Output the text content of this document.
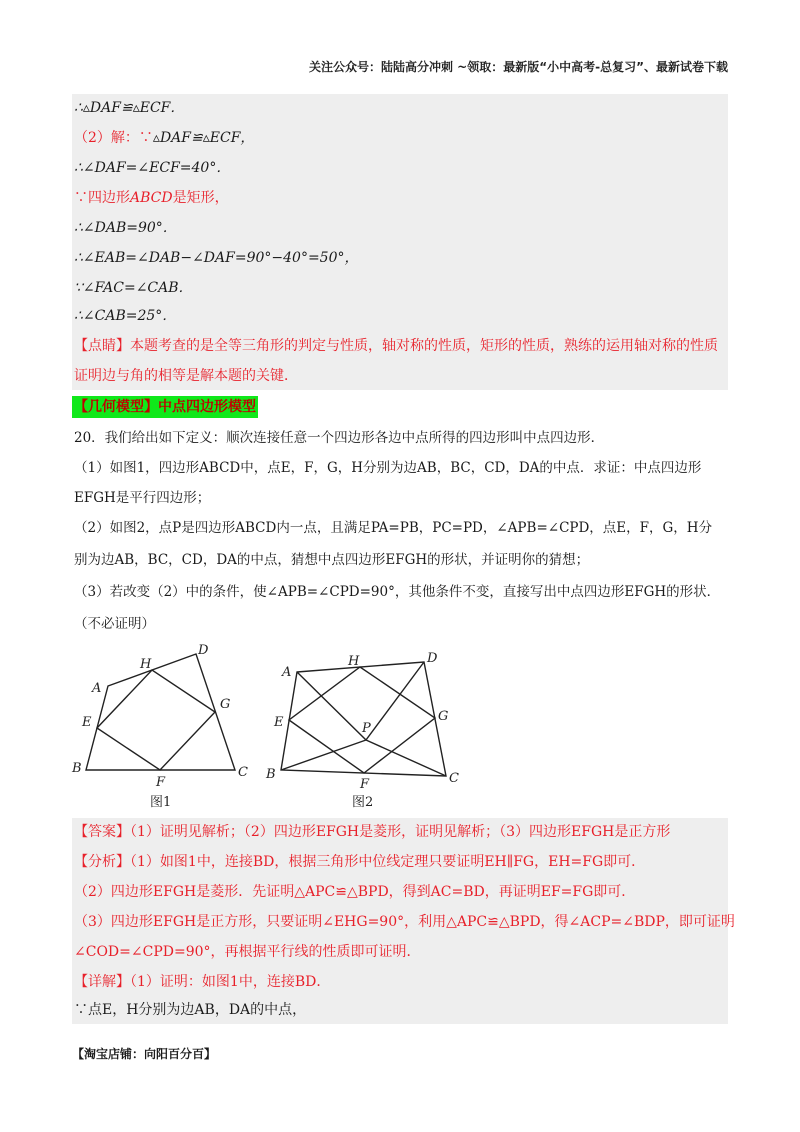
关注公众号：陆陆高分冲刺 ~领取：最新版“小中高考-总复习”、最新试卷下载
∴▵DAF≌▵ECF．
（2）解：∵▵DAF≌▵ECF，
∴∠DAF=∠ECF=40°．
∵四边形ABCD是矩形，
∴∠DAB=90°．
∴∠EAB=∠DAB−∠DAF=90°−40°=50°，
∵∠FAC=∠CAB．
∴∠CAB=25°．
【点睛】本题考查的是全等三角形的判定与性质，轴对称的性质，矩形的性质，熟练的运用轴对称的性质
证明边与角的相等是解本题的关键．
【几何模型】中点四边形模型
20．我们给出如下定义：顺次连接任意一个四边形各边中点所得的四边形叫中点四边形．
（1）如图1，四边形ABCD中，点E，F，G，H分别为边AB，BC，CD，DA的中点．求证：中点四边形
EFGH是平行四边形；
（2）如图2，点P是四边形ABCD内一点，且满足PA=PB，PC=PD，∠APB=∠CPD，点E，F，G，H分
别为边AB，BC，CD，DA的中点，猜想中点四边形EFGH的形状，并证明你的猜想；
（3）若改变（2）中的条件，使∠APB=∠CPD=90°，其他条件不变，直接写出中点四边形EFGH的形状．
（不必证明）
A
B	C
D
E
F
G
H
图1
A
B	C
D
E
F
G
H
P
图2
【答案】（1）证明见解析；（2）四边形EFGH是菱形，证明见解析；（3）四边形EFGH是正方形
【分析】（1）如图1中，连接BD，根据三角形中位线定理只要证明EH∥FG，EH=FG即可．
（2）四边形EFGH是菱形．先证明△APC≌△BPD，得到AC=BD，再证明EF=FG即可．
（3）四边形EFGH是正方形，只要证明∠EHG=90°，利用△APC≌△BPD，得∠ACP=∠BDP，即可证明
∠COD=∠CPD=90°，再根据平行线的性质即可证明．
【详解】（1）证明：如图1中，连接BD．
∵点E，H分别为边AB，DA的中点，
【淘宝店铺：向阳百分百】
